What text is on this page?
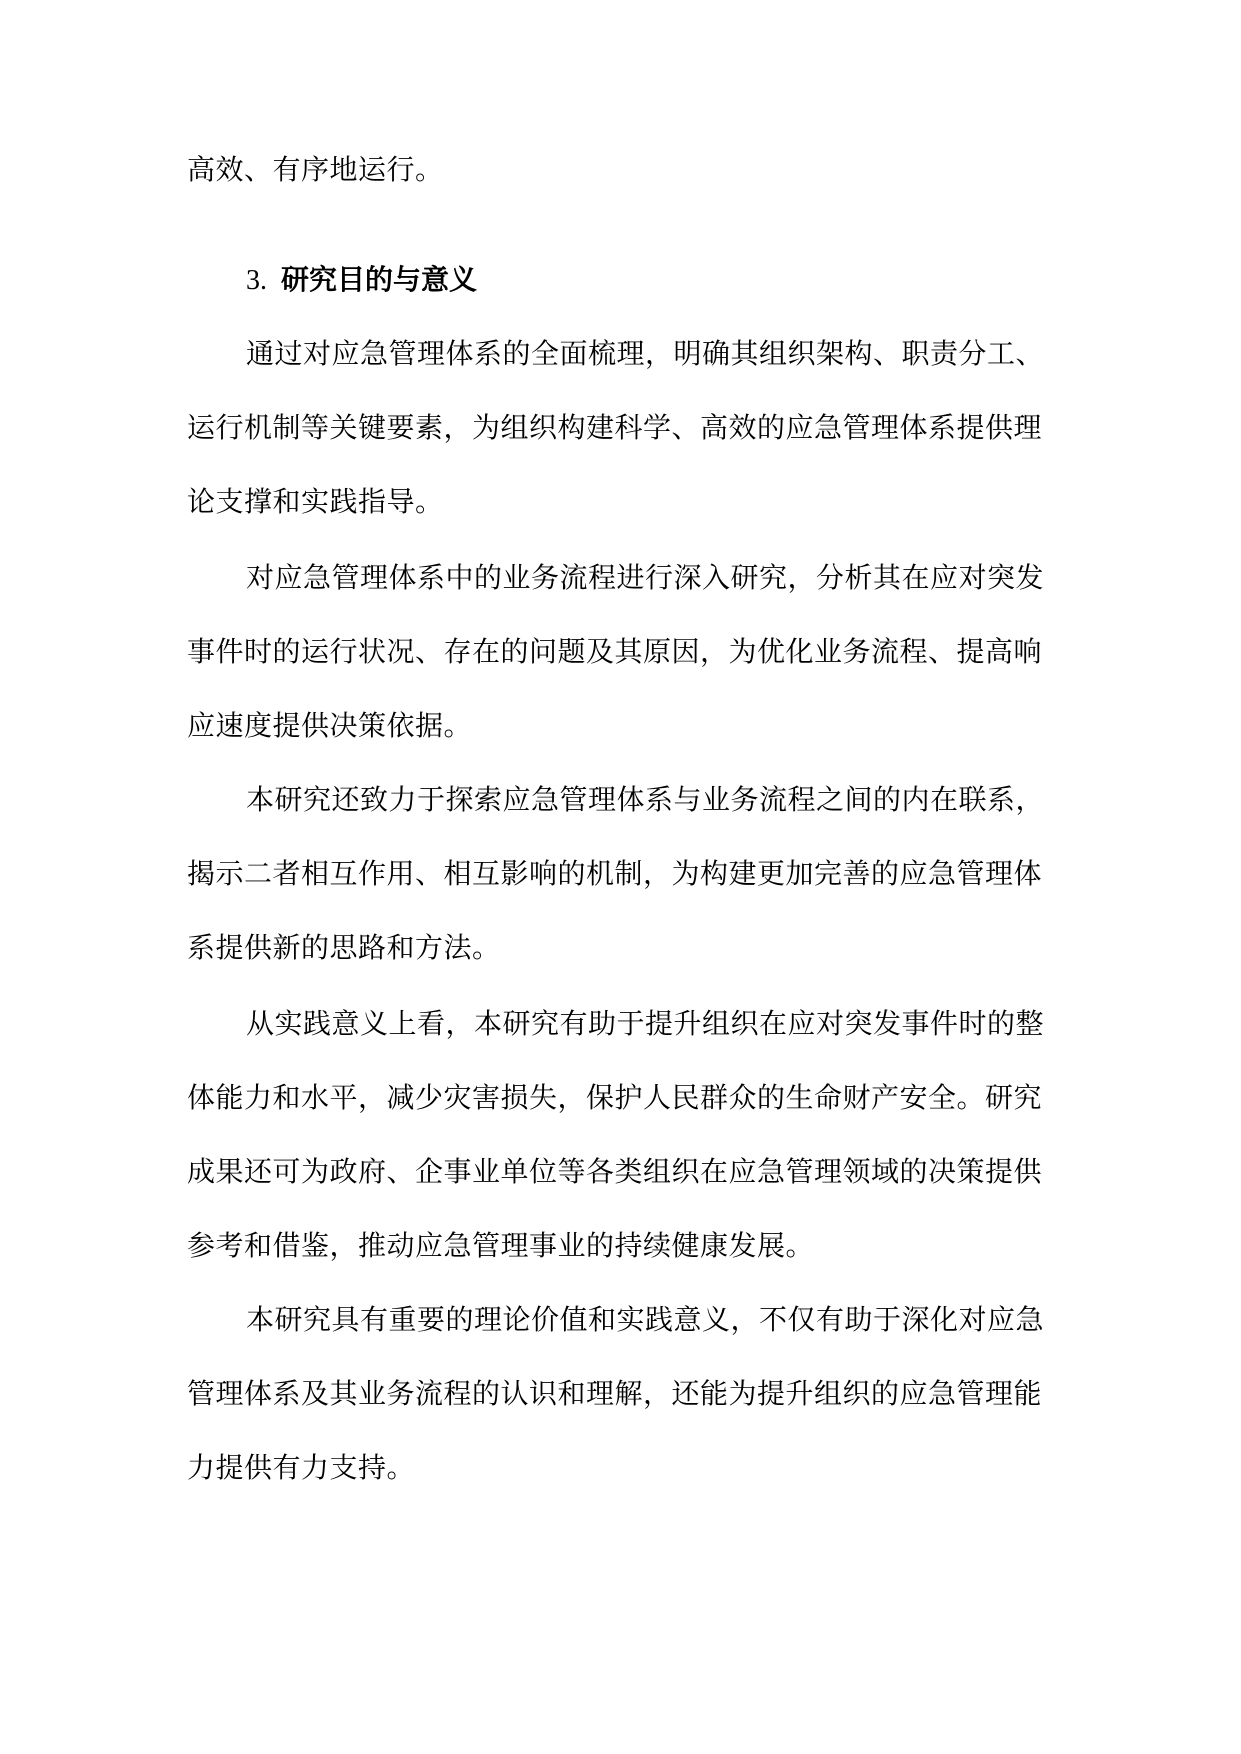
高效、有序地运行。
3. 研究目的与意义
通过对应急管理体系的全面梳理，明确其组织架构、职责分工、
运行机制等关键要素，为组织构建科学、高效的应急管理体系提供理
论支撑和实践指导。
对应急管理体系中的业务流程进行深入研究，分析其在应对突发
事件时的运行状况、存在的问题及其原因，为优化业务流程、提高响
应速度提供决策依据。
本研究还致力于探索应急管理体系与业务流程之间的内在联系，
揭示二者相互作用、相互影响的机制，为构建更加完善的应急管理体
系提供新的思路和方法。
从实践意义上看，本研究有助于提升组织在应对突发事件时的整
体能力和水平，减少灾害损失，保护人民群众的生命财产安全。研究
成果还可为政府、企事业单位等各类组织在应急管理领域的决策提供
参考和借鉴，推动应急管理事业的持续健康发展。
本研究具有重要的理论价值和实践意义，不仅有助于深化对应急
管理体系及其业务流程的认识和理解，还能为提升组织的应急管理能
力提供有力支持。
